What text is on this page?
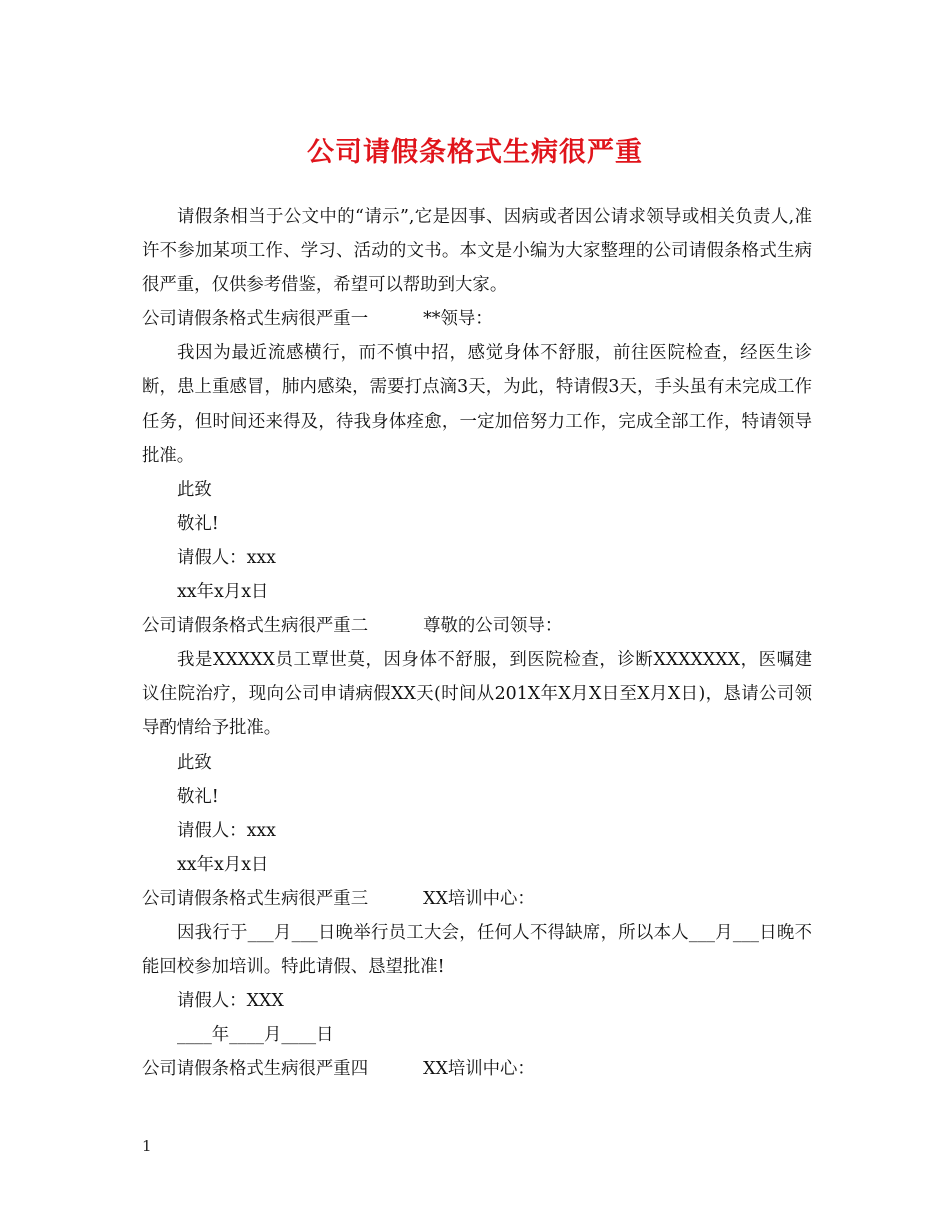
公司请假条格式生病很严重

请假条相当于公文中的“请示”,它是因事、因病或者因公请求领导或相关负责人,准许不参加某项工作、学习、活动的文书。本文是小编为大家整理的公司请假条格式生病很严重，仅供参考借鉴，希望可以帮助到大家。

公司请假条格式生病很严重一	**领导：

我因为最近流感横行，而不慎中招，感觉身体不舒服，前往医院检查，经医生诊断，患上重感冒，肺内感染，需要打点滴3天，为此，特请假3天，手头虽有未完成工作任务，但时间还来得及，待我身体痊愈，一定加倍努力工作，完成全部工作，特请领导批准。

此致

敬礼!

请假人：xxx

xx年x月x日

公司请假条格式生病很严重二	尊敬的公司领导：

我是XXXXX员工覃世莫，因身体不舒服，到医院检查，诊断XXXXXXX，医嘱建议住院治疗，现向公司申请病假XX天(时间从201X年X月X日至X月X日)，恳请公司领导酌情给予批准。

此致

敬礼!

请假人：xxx

xx年x月x日

公司请假条格式生病很严重三	XX培训中心：

因我行于___月___日晚举行员工大会，任何人不得缺席，所以本人___月___日晚不能回校参加培训。特此请假、恳望批准!

请假人：XXX

____年____月____日

公司请假条格式生病很严重四	XX培训中心：

1
